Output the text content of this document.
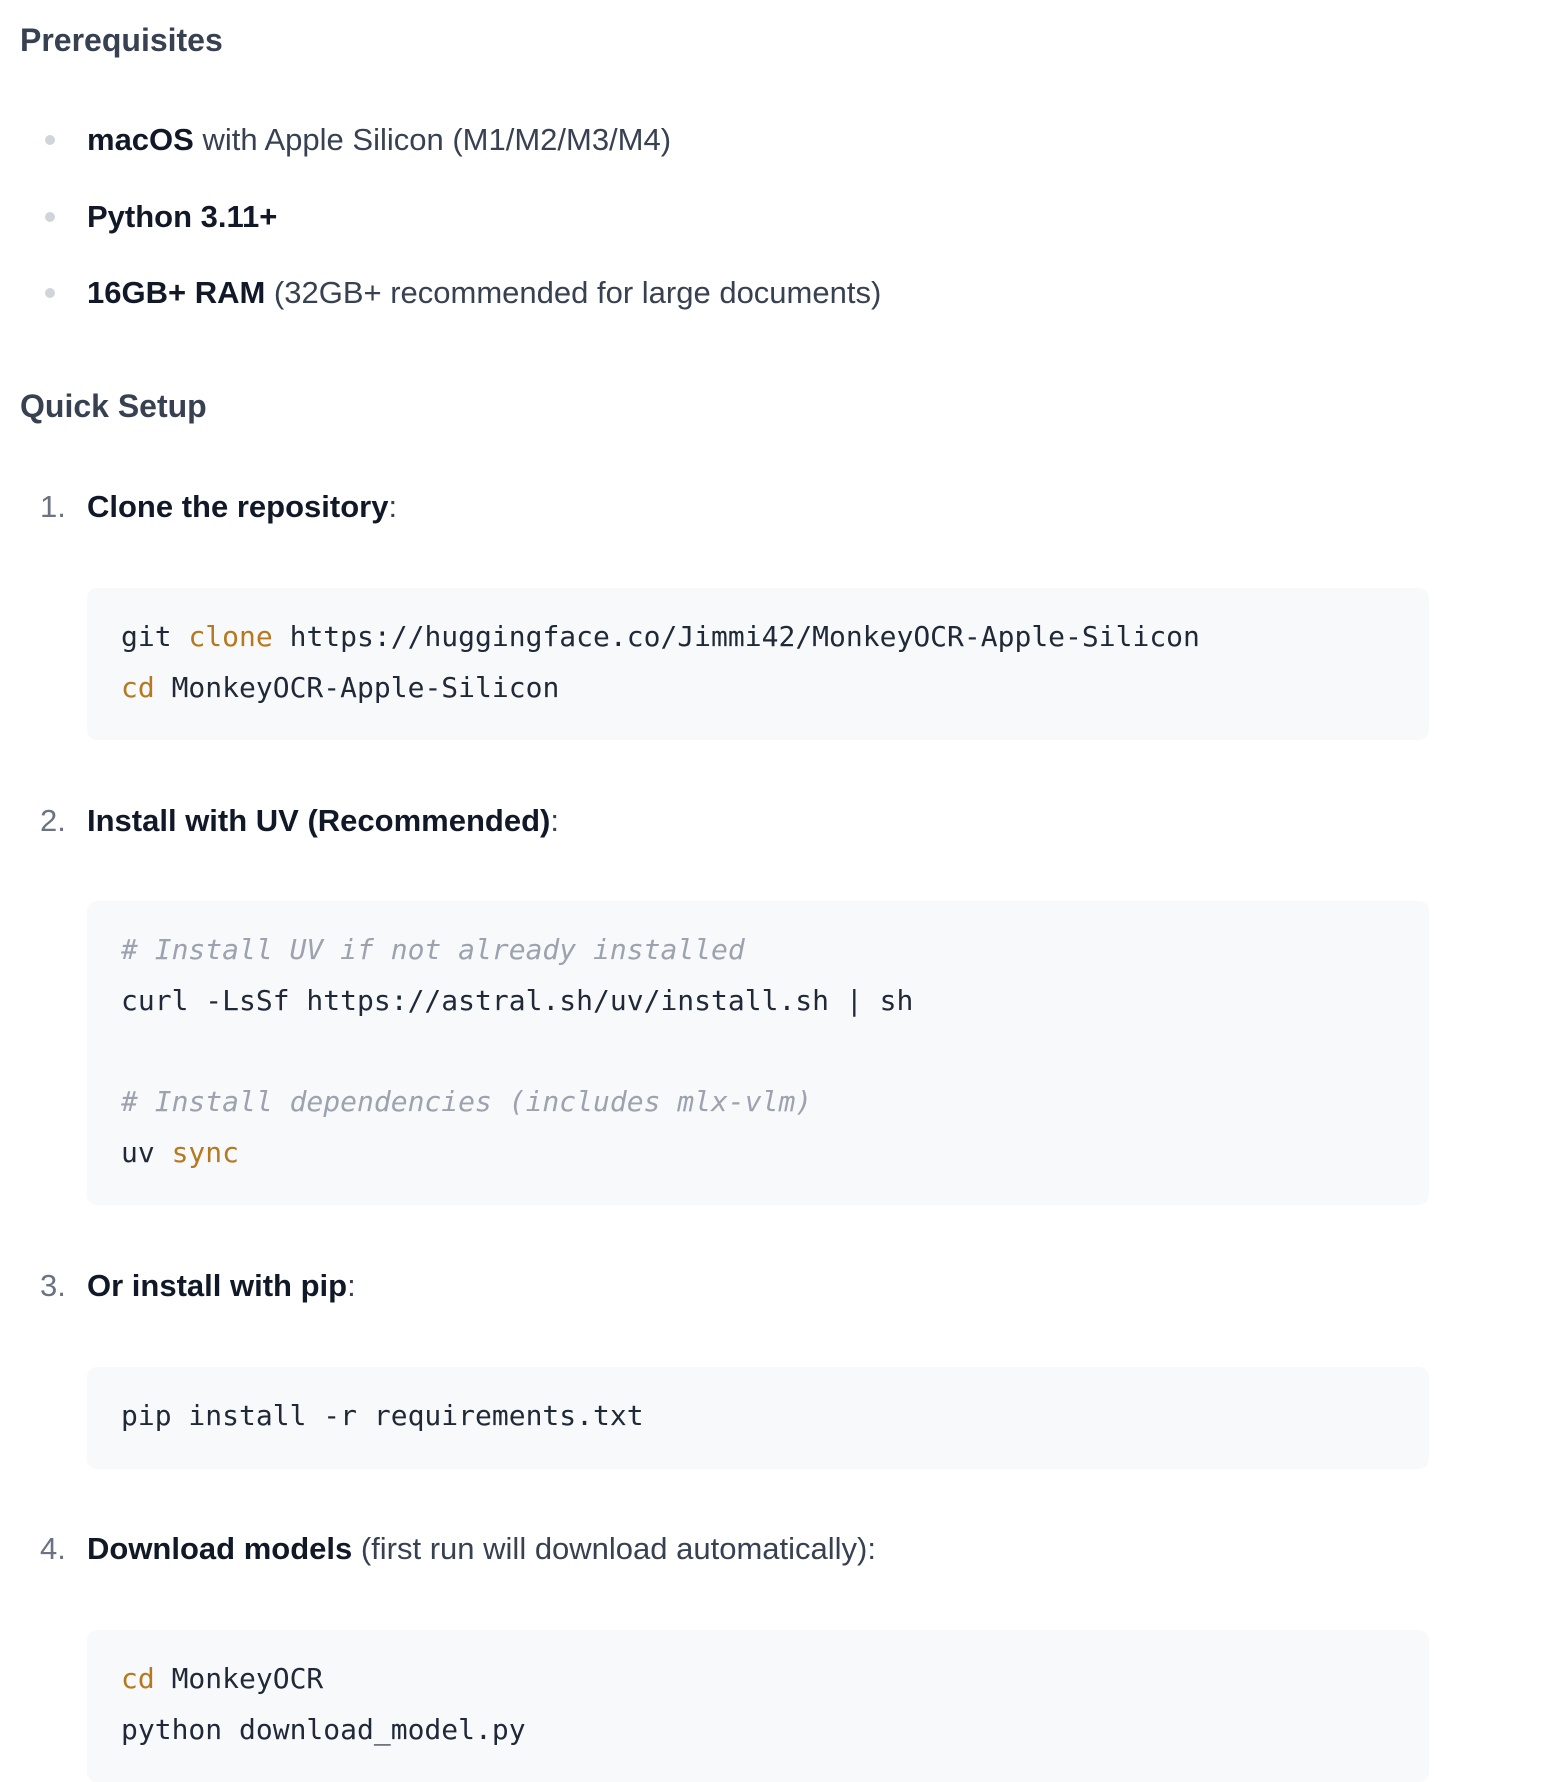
Prerequisites
macOS with Apple Silicon (M1/M2/M3/M4)
Python 3.11+
16GB+ RAM (32GB+ recommended for large documents)
Quick Setup
1. Clone the repository:
git clone https://huggingface.co/Jimmi42/MonkeyOCR-Apple-Silicon
cd MonkeyOCR-Apple-Silicon
2. Install with UV (Recommended):
# Install UV if not already installed
curl -LsSf https://astral.sh/uv/install.sh | sh
# Install dependencies (includes mlx-vlm)
uv sync
3. Or install with pip:
pip install -r requirements.txt
4. Download models (first run will download automatically):
cd MonkeyOCR
python download_model.py
